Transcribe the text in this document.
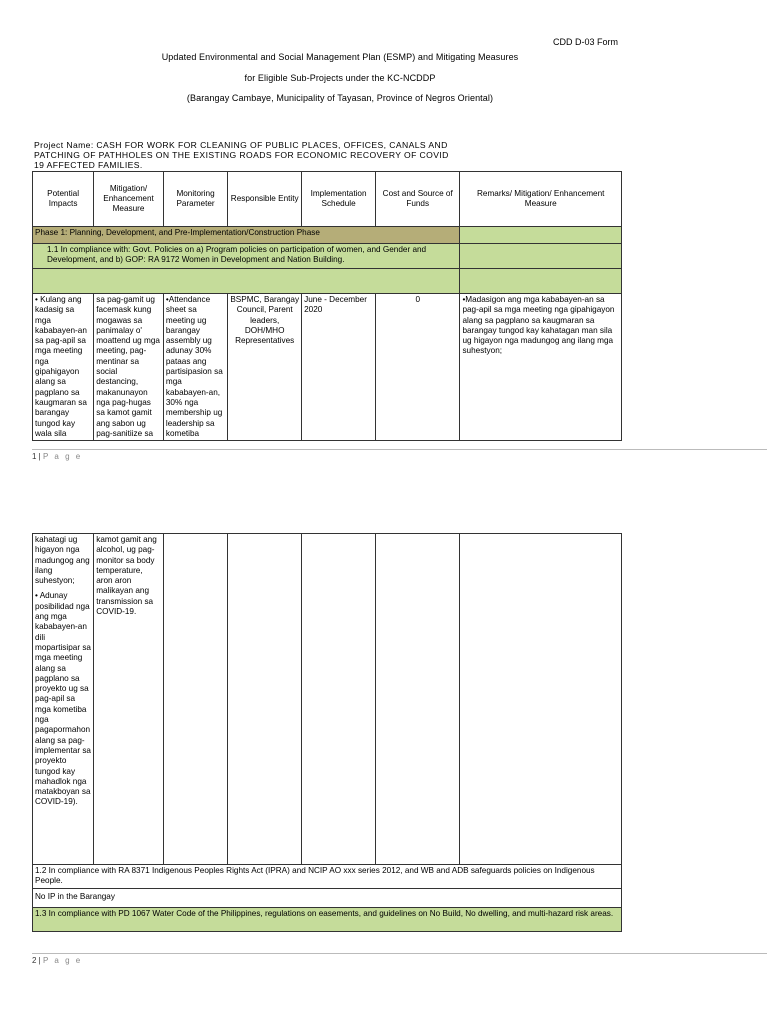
CDD D-03 Form
Updated Environmental and Social Management Plan (ESMP) and Mitigating Measures
for Eligible Sub-Projects under the KC-NCDDP
(Barangay Cambaye, Municipality of Tayasan, Province of Negros Oriental)
Project Name: CASH FOR WORK FOR CLEANING OF PUBLIC PLACES, OFFICES, CANALS AND PATCHING OF PATHHOLES ON THE EXISTING ROADS FOR ECONOMIC RECOVERY OF COVID 19 AFFECTED FAMILIES.
Potential Impacts	Mitigation/ Enhancement Measure	Monitoring Parameter	Responsible Entity	Implementation Schedule	Cost and Source of Funds	Remarks/ Mitigation/ Enhancement Measure
Phase 1: Planning, Development, and Pre-Implementation/Construction Phase						
1.1 In compliance with: Govt. Policies on a) Program policies on participation of women, and Gender and Development, and b) GOP: RA 9172 Women in Development and Nation Building.						

• Kulang ang kadasig sa mga kababayen-an sa pag-apil sa mga meeting nga gipahigayon alang sa pagplano sa kaugmaran sa barangay tungod kay wala sila	sa pag-gamit ug facemask kung mogawas sa panimalay o' moattend ug mga meeting, pag-mentinar sa social destancing, makanunayon nga pag-hugas sa kamot gamit ang sabon ug pag-sanitiize sa	•Attendance sheet sa meeting ug barangay assembly ug adunay 30% pataas ang partisipasion sa mga kababayen-an, 30% nga membership ug leadership sa kometiba	BSPMC, Barangay Council, Parent leaders, DOH/MHO Representatives	June - December 2020	0	•Madasigon ang mga kababayen-an sa pag-apil sa mga meeting nga gipahigayon alang sa pagplano sa kaugmaran sa barangay tungod kay kahatagan man sila ug higayon nga madungog ang ilang mga suhestyon;
1 | P a g e
kahatagi ug higayon nga madungog ang ilang suhestyon;
• Adunay posibilidad nga ang mga kababayen-an dili mopartisipar sa mga meeting alang sa pagplano sa proyekto ug sa pag-apil sa mga kometiba nga pagapormahon alang sa pag-implementar sa proyekto tungod kay mahadlok nga matakboyan sa COVID-19).
	kamot gamit ang alcohol, ug pag-monitor sa body temperature, aron aron malikayan ang transmission sa COVID-19.					
1.2 In compliance with RA 8371 Indigenous Peoples Rights Act (IPRA) and NCIP AO xxx series 2012, and WB and ADB safeguards policies on Indigenous People.
No IP in the Barangay
1.3 In compliance with PD 1067 Water Code of the Philippines, regulations on easements, and guidelines on No Build, No dwelling, and multi-hazard risk areas.
2 | P a g e
